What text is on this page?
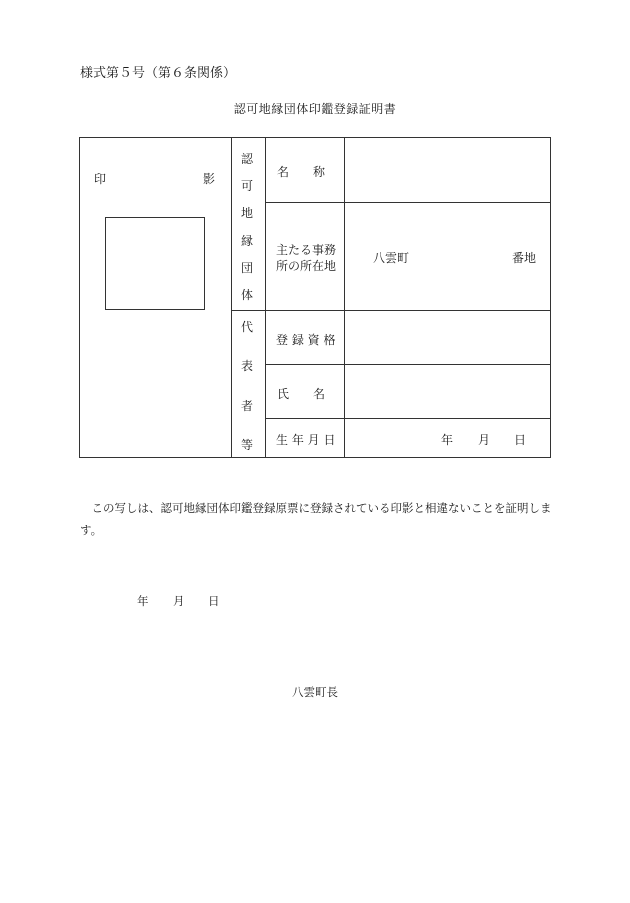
様式第５号（第６条関係）
認可地縁団体印鑑登録証明書
印	影
認
可
地
縁
団
体
代
表
者
等
名　　称
主たる事務
所の所在地
八雲町	番地
登 録 資 格
氏　　名
生 年 月 日	年 月 日
この写しは、認可地縁団体印鑑登録原票に登録されている印影と相違ないことを証明します。
年 月 日
八雲町長
